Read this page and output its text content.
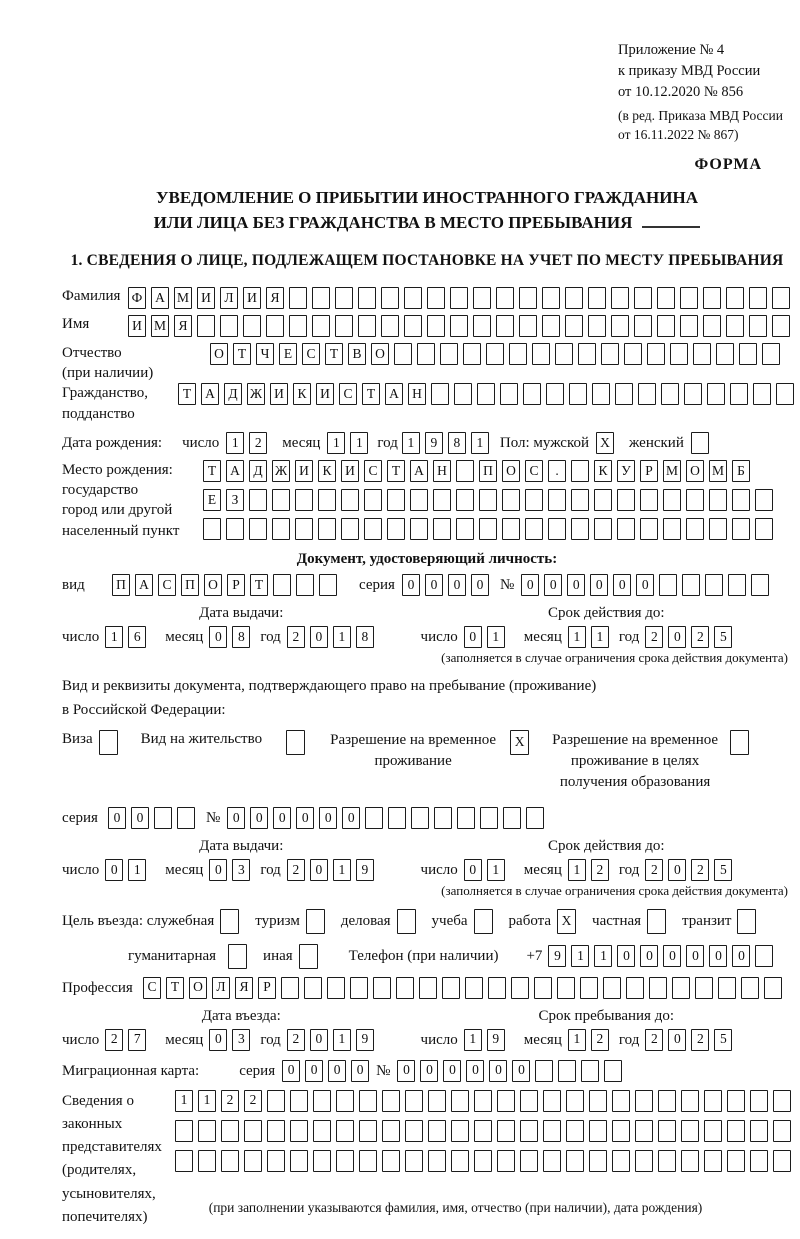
Приложение № 4
к приказу МВД России
от 10.12.2020 № 856
(в ред. Приказа МВД России
от 16.11.2022 № 867)
ФОРМА
УВЕДОМЛЕНИЕ О ПРИБЫТИИ ИНОСТРАННОГО ГРАЖДАНИНА
ИЛИ ЛИЦА БЕЗ ГРАЖДАНСТВА В МЕСТО ПРЕБЫВАНИЯ
1. СВЕДЕНИЯ О ЛИЦЕ, ПОДЛЕЖАЩЕМ ПОСТАНОВКЕ НА УЧЕТ ПО МЕСТУ ПРЕБЫВАНИЯ
Фамилия Ф А М И	Л	И	Я
Имя	И М Я
Отчество
(при наличии)
О	Т	Ч	Е	С	Т	В	О
Гражданство,
подданство
Т	А	Д Ж И	К	И	С	Т	А Н
Дата рождения: число 1	2	месяц 1	1 год 1	9	8	1	Пол: мужской X женский
Место рождения:
государство
город или другой
населенный пункт
Т	А	Д Ж И	К	И	С	Т	А Н	П О	С	.	К	У	Р М О М Б
Е	З
Документ, удостоверяющий личность:
вид	П А	С	П О	Р	Т	серия 0	0	0	0	№ 0	0	0	0	0	0
Дата выдачи:
число 1	6	месяц 0	8	год 2	0	1	8
Срок действия до:
число 0	1	месяц 1	1	год 2	0	2	5
(заполняется в случае ограничения срока действия документа)
Вид и реквизиты документа, подтверждающего право на пребывание (проживание)
в Российской Федерации:
Виза	Вид на жительство	Разрешение на временное
проживание
X	Разрешение на временное
проживание в целях
получения образования
серия	0	0	№ 0	0	0	0	0	0
Дата выдачи:
число 0	1	месяц 0	3	год 2	0	1	9
Срок действия до:
число 0	1	месяц 1	2	год 2	0	2	5
(заполняется в случае ограничения срока действия документа)
Цель въезда: служебная	туризм	деловая	учеба	работа X	частная	транзит
гуманитарная	иная	Телефон (при наличии) +7 9	1	1	0	0	0	0	0	0
Профессия	С	Т	О	Л	Я	Р
Дата въезда:
число 2	7	месяц 0	3	год 2	0	1	9
Срок пребывания до:
число 1	9	месяц 1	2	год 2	0	2	5
Миграционная карта:	серия 0	0	0	0 № 0	0	0	0	0	0
Сведения о
законных
представителях
(родителях,
усыновителях,
попечителях)
1	1	2	2
(при заполнении указываются фамилия, имя, отчество (при наличии), дата рождения)
